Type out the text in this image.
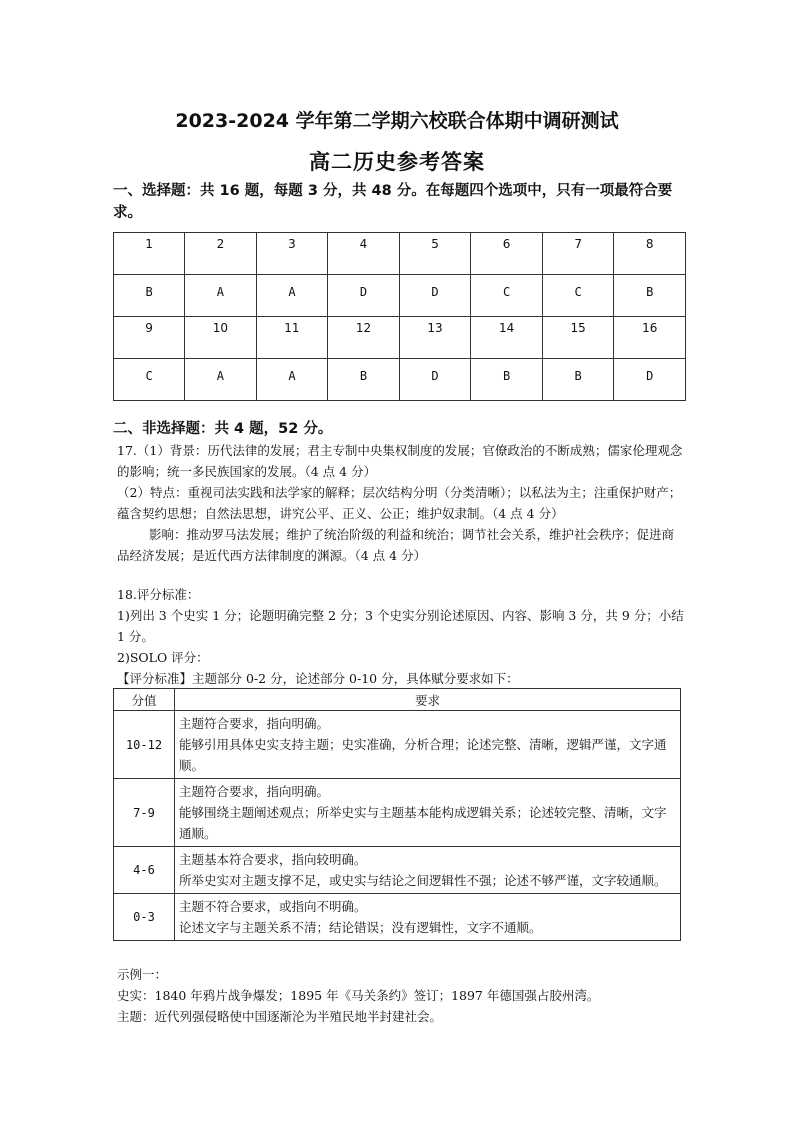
2023-2024 学年第二学期六校联合体期中调研测试
高二历史参考答案
一、选择题：共 16 题，每题 3 分，共 48 分。在每题四个选项中，只有一项最符合要求。
1	2	3	4	5	6	7	8
B	A	A	D	D	C	C	B
9	10	11	12	13	14	15	16
C	A	A	B	D	B	B	D
二、非选择题：共 4 题，52 分。

17.（1）背景：历代法律的发展；君主专制中央集权制度的发展；官僚政治的不断成熟；儒家伦理观念的影响；统一多民族国家的发展。（4 点 4 分）

（2）特点：重视司法实践和法学家的解释；层次结构分明（分类清晰）；以私法为主；注重保护财产；蕴含契约思想；自然法思想，讲究公平、正义、公正；维护奴隶制。（4 点 4 分）

影响：推动罗马法发展；维护了统治阶级的利益和统治；调节社会关系，维护社会秩序；促进商品经济发展；是近代西方法律制度的渊源。（4 点 4 分）

18.评分标准：

1)列出 3 个史实 1 分；论题明确完整 2 分；3 个史实分别论述原因、内容、影响 3 分，共 9 分；小结 1 分。

2)SOLO 评分：

【评分标准】主题部分 0-2 分，论述部分 0-10 分，具体赋分要求如下：

分值	要求
10-12	主题符合要求，指向明确。
能够引用具体史实支持主题；史实准确，分析合理；论述完整、清晰，逻辑严谨，文字通顺。

7-9	主题符合要求，指向明确。
能够围绕主题阐述观点；所举史实与主题基本能构成逻辑关系；论述较完整、清晰，文字通顺。

4-6	主题基本符合要求，指向较明确。
所举史实对主题支撑不足，或史实与结论之间逻辑性不强；论述不够严谨，文字较通顺。

0-3	主题不符合要求，或指向不明确。
论述文字与主题关系不清；结论错误；没有逻辑性，文字不通顺。

示例一：

史实：1840 年鸦片战争爆发；1895 年《马关条约》签订；1897 年德国强占胶州湾。

主题：近代列强侵略使中国逐渐沦为半殖民地半封建社会。
